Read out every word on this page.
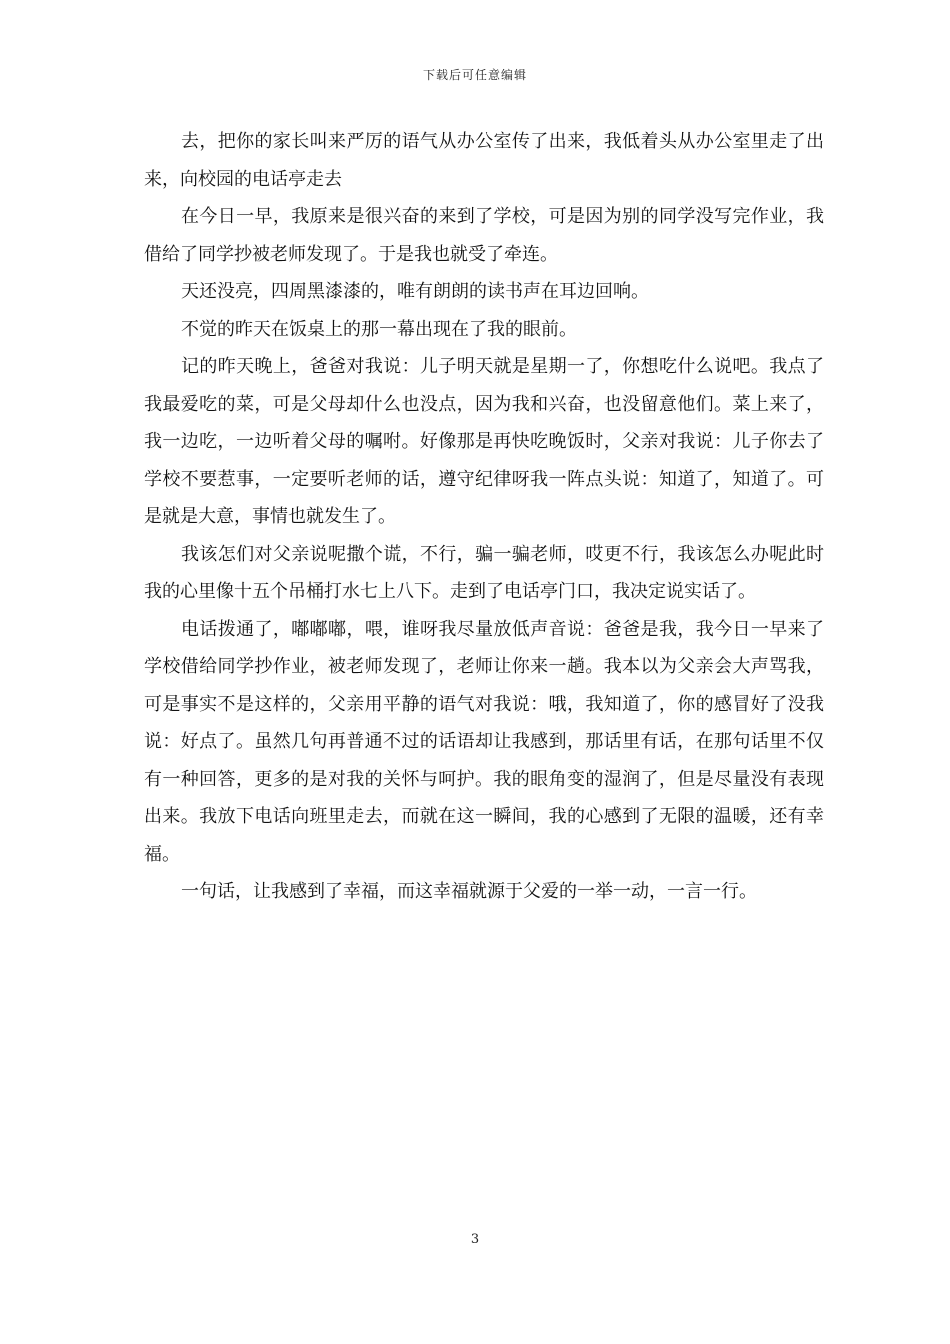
下载后可任意编辑

去，把你的家长叫来严厉的语气从办公室传了出来，我低着头从办公室里走了出来，向校园的电话亭走去

在今日一早，我原来是很兴奋的来到了学校，可是因为别的同学没写完作业，我借给了同学抄被老师发现了。于是我也就受了牵连。

天还没亮，四周黑漆漆的，唯有朗朗的读书声在耳边回响。

不觉的昨天在饭桌上的那一幕出现在了我的眼前。

记的昨天晚上，爸爸对我说：儿子明天就是星期一了，你想吃什么说吧。我点了我最爱吃的菜，可是父母却什么也没点，因为我和兴奋，也没留意他们。菜上来了，我一边吃，一边听着父母的嘱咐。好像那是再快吃晚饭时，父亲对我说：儿子你去了学校不要惹事，一定要听老师的话，遵守纪律呀我一阵点头说：知道了，知道了。可是就是大意，事情也就发生了。

我该怎们对父亲说呢撒个谎，不行，骗一骗老师，哎更不行，我该怎么办呢此时我的心里像十五个吊桶打水七上八下。走到了电话亭门口，我决定说实话了。

电话拨通了，嘟嘟嘟，喂，谁呀我尽量放低声音说：爸爸是我，我今日一早来了学校借给同学抄作业，被老师发现了，老师让你来一趟。我本以为父亲会大声骂我，可是事实不是这样的，父亲用平静的语气对我说：哦，我知道了，你的感冒好了没我说：好点了。虽然几句再普通不过的话语却让我感到，那话里有话，在那句话里不仅有一种回答，更多的是对我的关怀与呵护。我的眼角变的湿润了，但是尽量没有表现出来。我放下电话向班里走去，而就在这一瞬间，我的心感到了无限的温暖，还有幸福。

一句话，让我感到了幸福，而这幸福就源于父爱的一举一动，一言一行。

3
